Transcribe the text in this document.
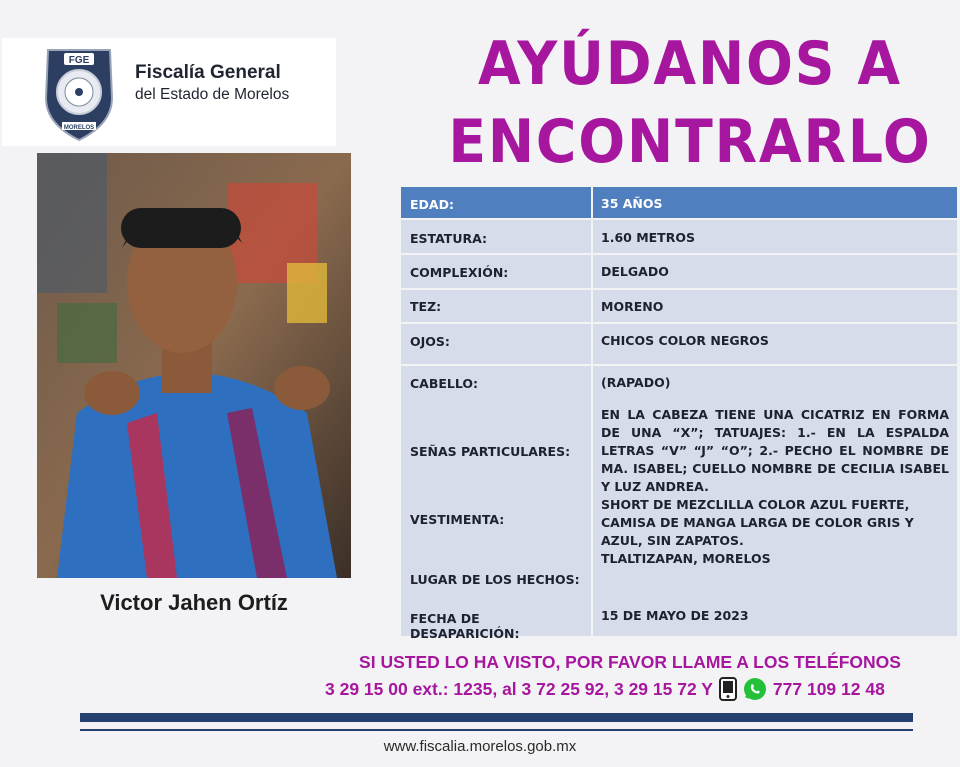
FGE
MORELOS
Fiscalía General
del Estado de Morelos	AYÚDANOS A
ENCONTRARLO
Victor Jahen Ortíz
EDAD:	35 AÑOS
ESTATURA:	1.60 METROS
COMPLEXIÓN:	DELGADO
TEZ:	MORENO
OJOS:	CHICOS COLOR NEGROS
CABELLO:	(RAPADO)
SEÑAS PARTICULARES:
EN LA CABEZA TIENE UNA CICATRIZ EN FORMA DE UNA “X”; TATUAJES: 1.- EN LA ESPALDA LETRAS “V” “J” “O”; 2.- PECHO EL NOMBRE DE MA. ISABEL; CUELLO NOMBRE DE CECILIA ISABEL Y LUZ ANDREA.
VESTIMENTA:
SHORT DE MEZCLILLA COLOR AZUL FUERTE, CAMISA DE MANGA LARGA DE COLOR GRIS Y AZUL, SIN ZAPATOS.
LUGAR DE LOS HECHOS:
TLALTIZAPAN, MORELOS
FECHA DE DESAPARICIÓN:
15 DE MAYO DE 2023
SI USTED LO HA VISTO, POR FAVOR LLAME A LOS TELÉFONOS
3 29 15 00 ext.: 1235, al 3 72 25 92, 3 29 15 72 Y	777 109 12 48
www.fiscalia.morelos.gob.mx
